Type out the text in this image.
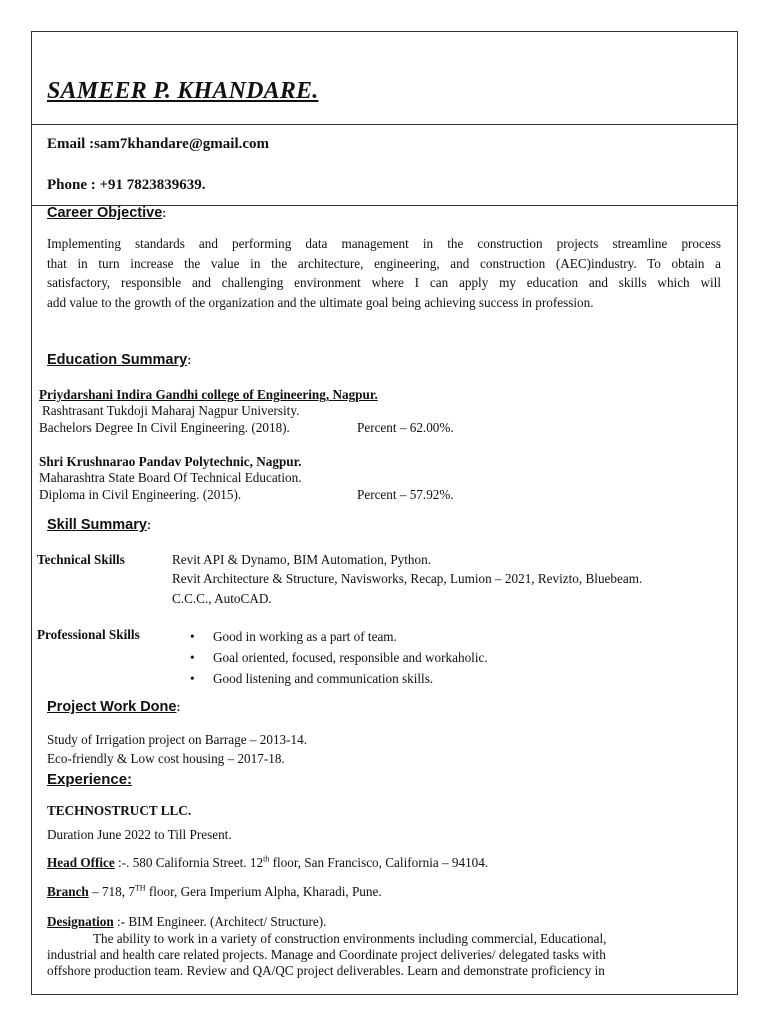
SAMEER P. KHANDARE.
Email :sam7khandare@gmail.com
Phone : +91 7823839639.
Career Objective:
Implementing standards and performing data management in the construction projects streamline process
that in turn increase the value in the architecture, engineering, and construction (AEC)industry. To obtain a
satisfactory, responsible and challenging environment where I can apply my education and skills which will
add value to the growth of the organization and the ultimate goal being achieving success in profession.
Education Summary:
Priydarshani Indira Gandhi college of Engineering, Nagpur.
Rashtrasant Tukdoji Maharaj Nagpur University.
Bachelors Degree In Civil Engineering. (2018).	Percent – 62.00%.
Shri Krushnarao Pandav Polytechnic, Nagpur.
Maharashtra State Board Of Technical Education.
Diploma in Civil Engineering. (2015).	Percent – 57.92%.
Skill Summary:
Technical Skills	Revit API & Dynamo, BIM Automation, Python.
Revit Architecture & Structure, Navisworks, Recap, Lumion – 2021, Revizto, Bluebeam.
C.C.C., AutoCAD.
Professional Skills
•	Good in working as a part of team.
• Goal oriented, focused, responsible and workaholic.
• Good listening and communication skills.
Project Work Done:
Study of Irrigation project on Barrage – 2013-14.
Eco-friendly & Low cost housing – 2017-18.
Experience:
TECHNOSTRUCT LLC.
Duration June 2022 to Till Present.
Head Office :-. 580 California Street. 12th floor, San Francisco, California – 94104.
Branch – 718, 7TH floor, Gera Imperium Alpha, Kharadi, Pune.
Designation :- BIM Engineer. (Architect/ Structure).
The ability to work in a variety of construction environments including commercial, Educational,
industrial and health care related projects. Manage and Coordinate project deliveries/ delegated tasks with
offshore production team. Review and QA/QC project deliverables. Learn and demonstrate proficiency in
